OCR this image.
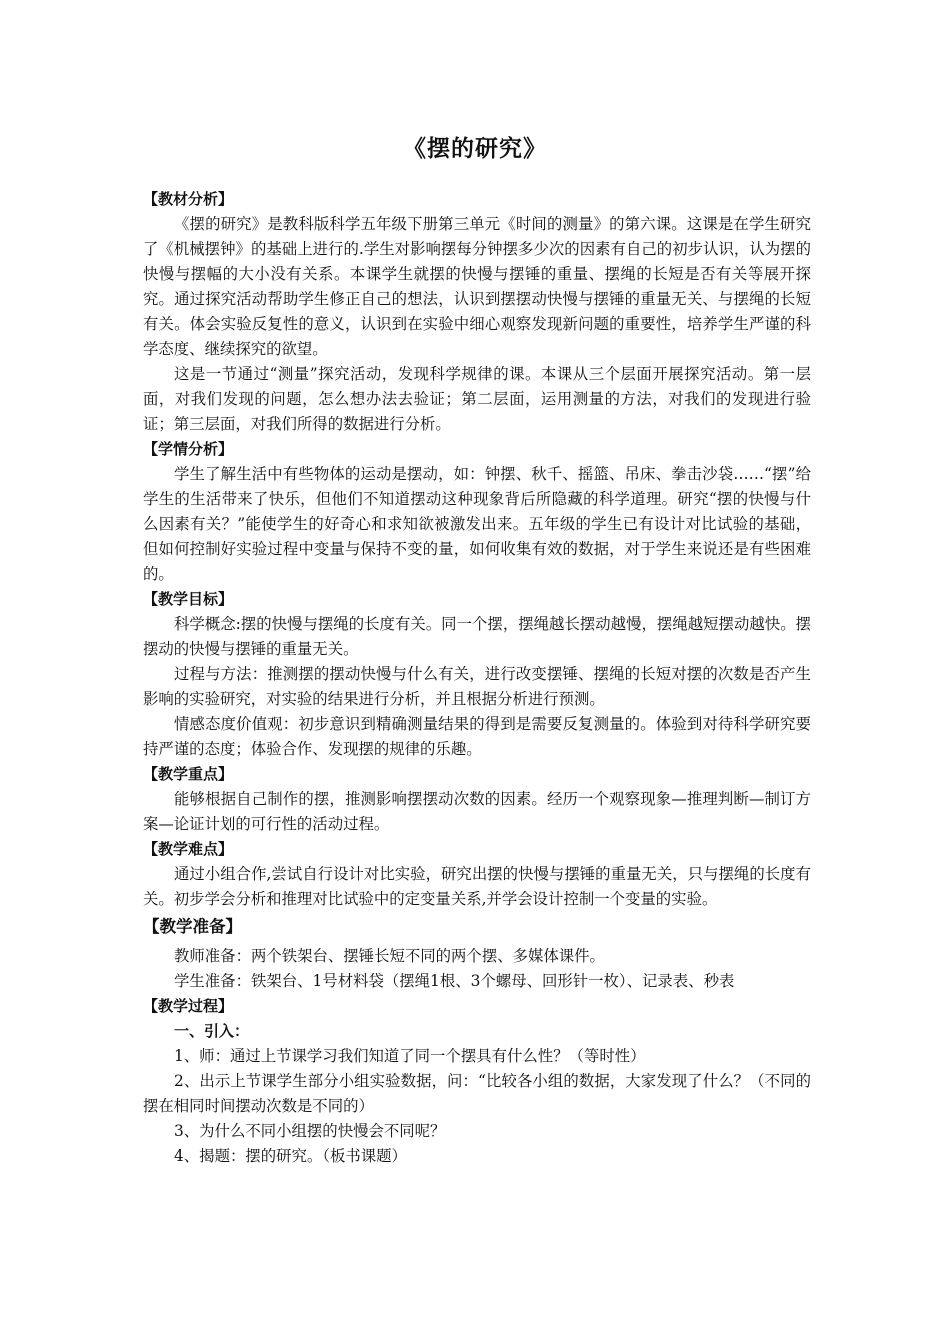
《摆的研究》
【教材分析】

《摆的研究》是教科版科学五年级下册第三单元《时间的测量》的第六课。这课是在学生研究了《机械摆钟》的基础上进行的.学生对影响摆每分钟摆多少次的因素有自己的初步认识，认为摆的快慢与摆幅的大小没有关系。本课学生就摆的快慢与摆锤的重量、摆绳的长短是否有关等展开探究。通过探究活动帮助学生修正自己的想法，认识到摆摆动快慢与摆锤的重量无关、与摆绳的长短有关。体会实验反复性的意义，认识到在实验中细心观察发现新问题的重要性，培养学生严谨的科学态度、继续探究的欲望。

这是一节通过“测量”探究活动，发现科学规律的课。本课从三个层面开展探究活动。第一层面，对我们发现的问题，怎么想办法去验证；第二层面，运用测量的方法，对我们的发现进行验证；第三层面，对我们所得的数据进行分析。

【学情分析】

学生了解生活中有些物体的运动是摆动，如：钟摆、秋千、摇篮、吊床、拳击沙袋……“摆”给学生的生活带来了快乐，但他们不知道摆动这种现象背后所隐藏的科学道理。研究“摆的快慢与什么因素有关？”能使学生的好奇心和求知欲被激发出来。五年级的学生已有设计对比试验的基础，但如何控制好实验过程中变量与保持不变的量，如何收集有效的数据，对于学生来说还是有些困难的。

【教学目标】

科学概念:摆的快慢与摆绳的长度有关。同一个摆，摆绳越长摆动越慢，摆绳越短摆动越快。摆摆动的快慢与摆锤的重量无关。

过程与方法：推测摆的摆动快慢与什么有关，进行改变摆锤、摆绳的长短对摆的次数是否产生影响的实验研究，对实验的结果进行分析，并且根据分析进行预测。

情感态度价值观：初步意识到精确测量结果的得到是需要反复测量的。体验到对待科学研究要持严谨的态度；体验合作、发现摆的规律的乐趣。

【教学重点】

能够根据自己制作的摆，推测影响摆摆动次数的因素。经历一个观察现象—推理判断—制订方案—论证计划的可行性的活动过程。

【教学难点】

通过小组合作,尝试自行设计对比实验，研究出摆的快慢与摆锤的重量无关，只与摆绳的长度有关。初步学会分析和推理对比试验中的定变量关系,并学会设计控制一个变量的实验。

【教学准备】

教师准备：两个铁架台、摆锤长短不同的两个摆、多媒体课件。

学生准备：铁架台、1号材料袋（摆绳1根、3个螺母、回形针一枚）、记录表、秒表

【教学过程】

一、引入：

1、师：通过上节课学习我们知道了同一个摆具有什么性？（等时性）

2、出示上节课学生部分小组实验数据，问：“比较各小组的数据，大家发现了什么？（不同的摆在相同时间摆动次数是不同的）

3、为什么不同小组摆的快慢会不同呢？

4、揭题：摆的研究。（板书课题）
